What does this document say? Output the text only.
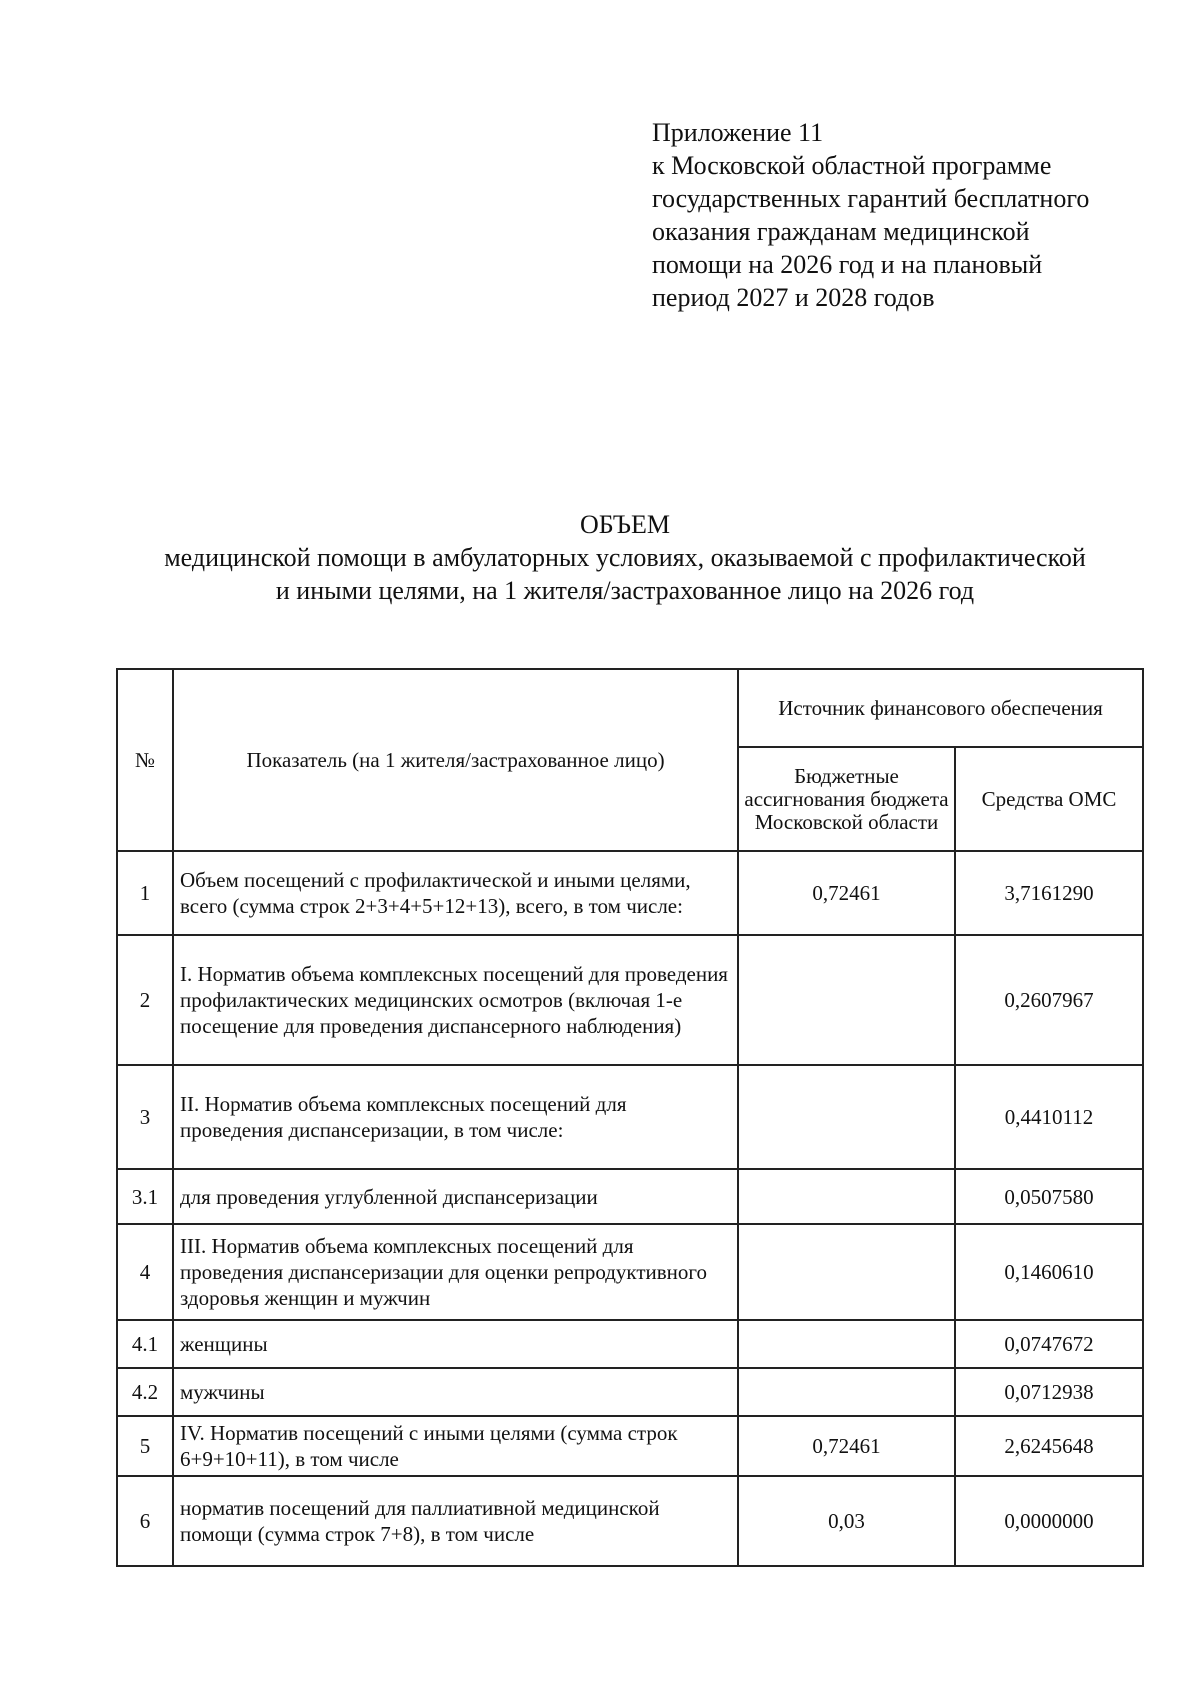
Приложение 11
к Московской областной программе
государственных гарантий бесплатного
оказания гражданам медицинской
помощи на 2026 год и на плановый
период 2027 и 2028 годов
ОБЪЕМ
медицинской помощи в амбулаторных условиях, оказываемой с профилактической
и иными целями, на 1 жителя/застрахованное лицо на 2026 год
№	Показатель (на 1 жителя/застрахованное лицо)	Источник финансового обеспечения	
		Бюджетные ассигнования бюджета Московской области	Средства ОМС
1	Объем посещений с профилактической и иными целями, всего (сумма строк 2+3+4+5+12+13), всего, в том числе:	0,72461	3,7161290
2	I. Норматив объема комплексных посещений для проведения профилактических медицинских осмотров (включая 1-е посещение для проведения диспансерного наблюдения)		0,2607967
3	II. Норматив объема комплексных посещений для проведения диспансеризации, в том числе:		0,4410112
3.1	для проведения углубленной диспансеризации		0,0507580
4	III. Норматив объема комплексных посещений для проведения диспансеризации для оценки репродуктивного здоровья женщин и мужчин		0,1460610
4.1	женщины		0,0747672
4.2	мужчины		0,0712938
5	IV. Норматив посещений с иными целями (сумма строк 6+9+10+11), в том числе	0,72461	2,6245648
6	норматив посещений для паллиативной медицинской помощи (сумма строк 7+8), в том числе	0,03	0,0000000
